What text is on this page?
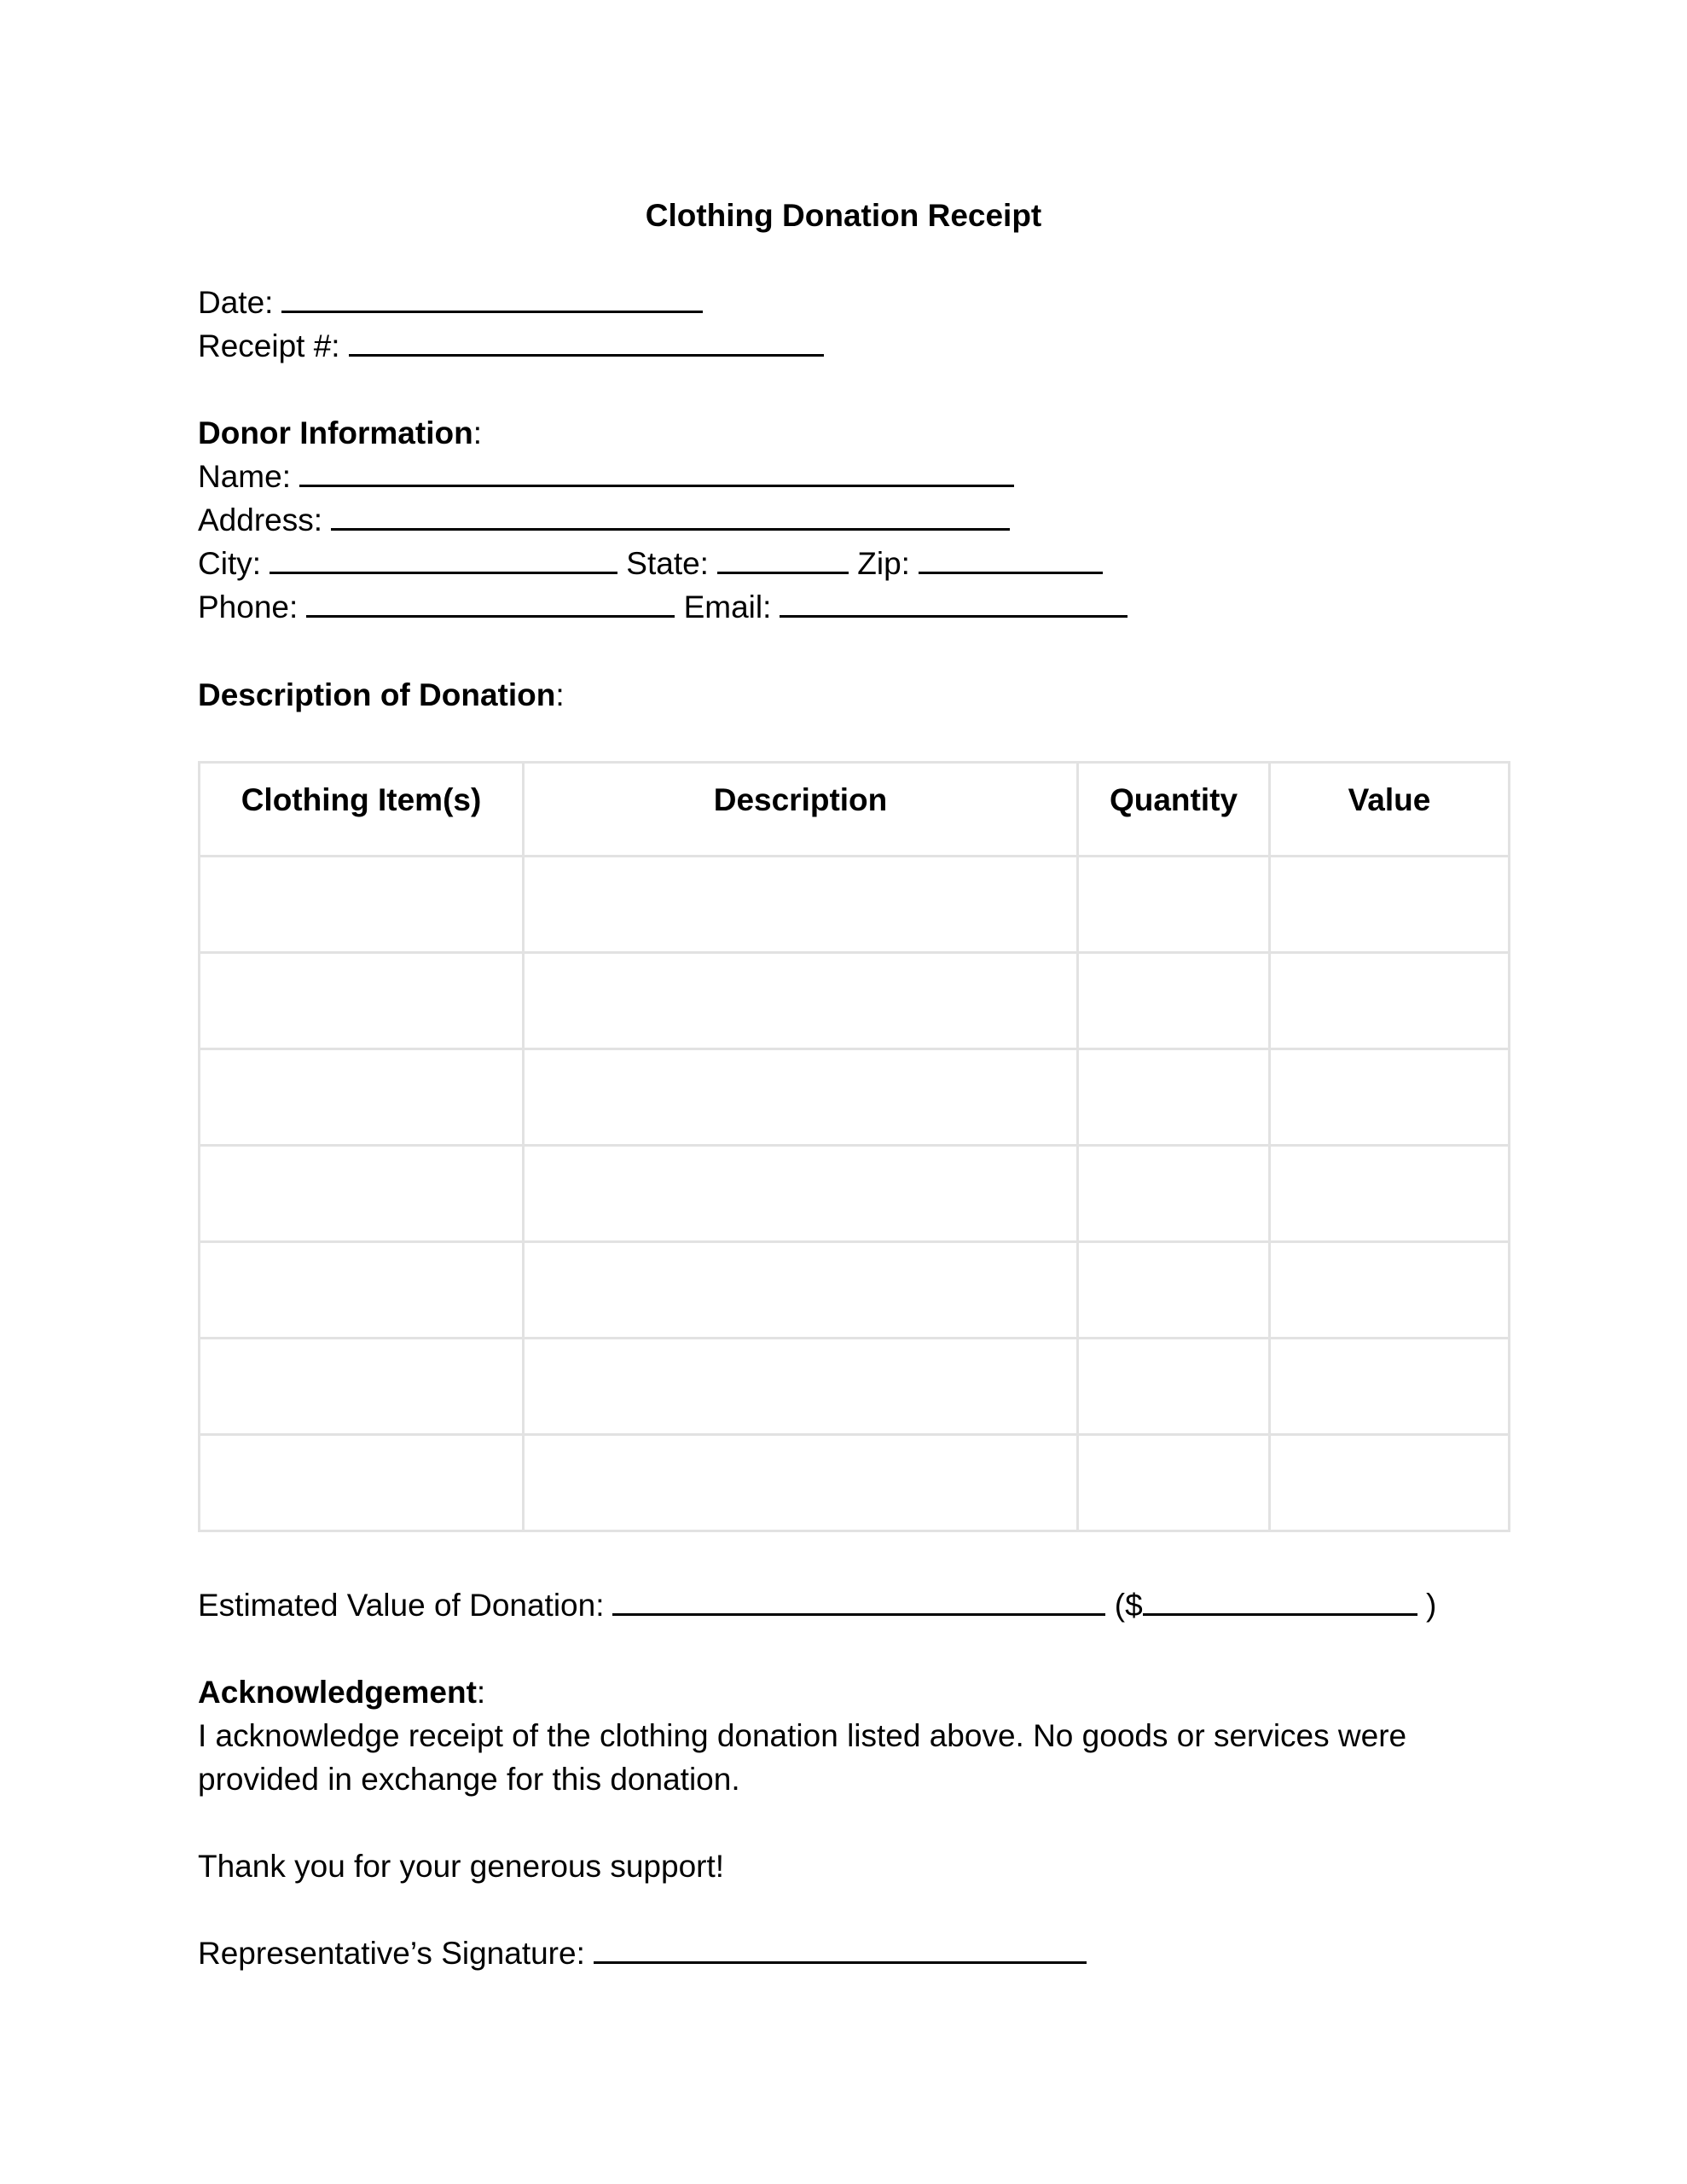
Clothing Donation Receipt
Date:
Receipt #:
Donor Information:
Name:
Address:
City:	State:	Zip:
Phone:	Email:
Description of Donation:
Clothing Item(s)	Description	Quantity	Value

Estimated Value of Donation:	($	)
Acknowledgement:
I acknowledge receipt of the clothing donation listed above. No goods or services were
provided in exchange for this donation.
Thank you for your generous support!
Representative’s Signature:
